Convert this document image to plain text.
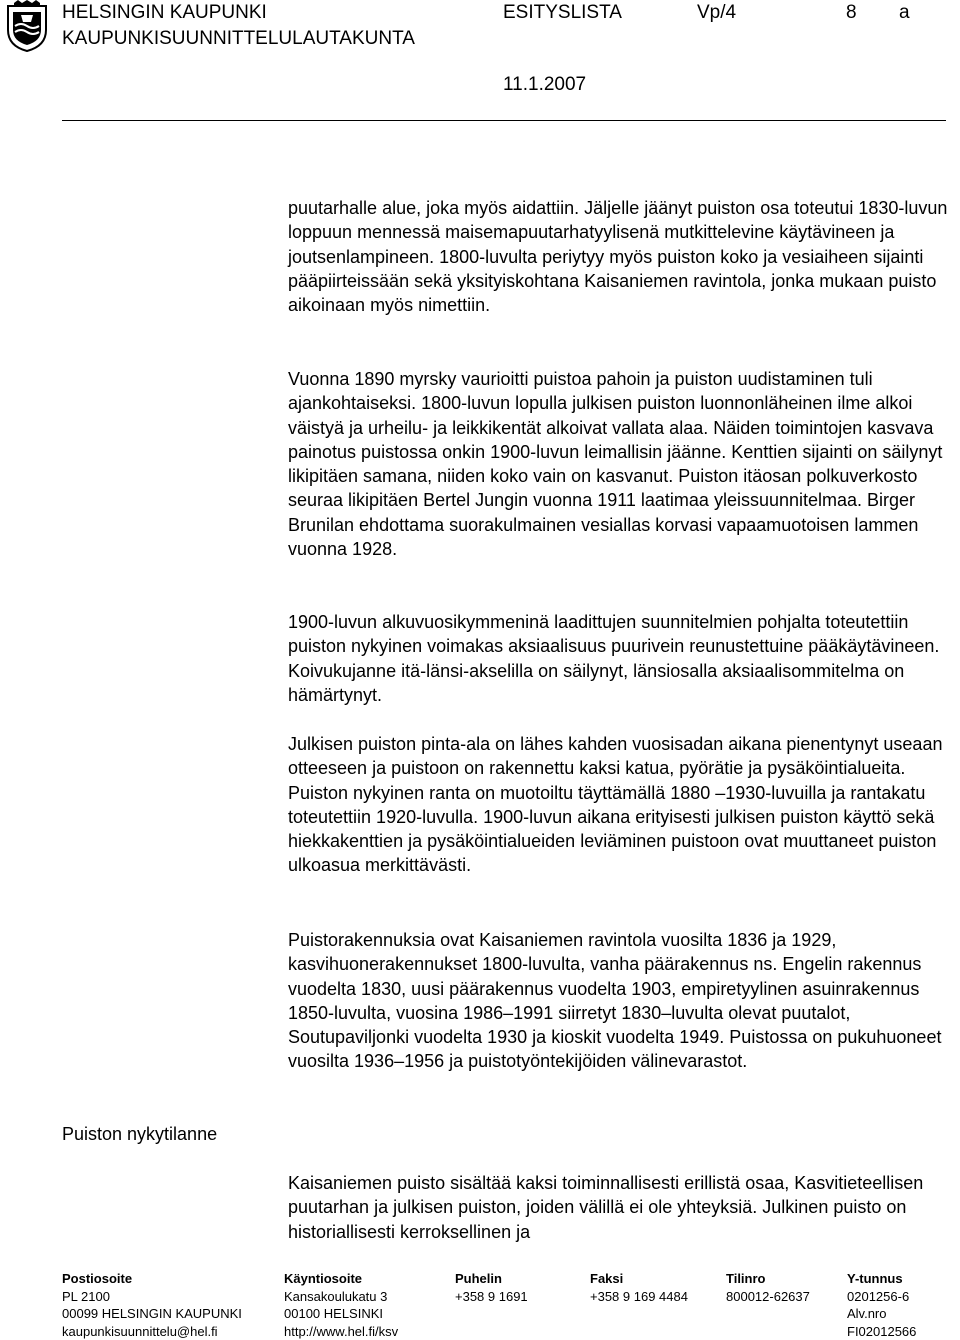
HELSINGIN KAUPUNKI
KAUPUNKISUUNNITTELULAUTAKUNTA
ESITYSLISTA	Vp/4	8 a
11.1.2007

puutarhalle alue, joka myös aidattiin. Jäljelle jäänyt puiston osa toteutui 1830-luvun loppuun mennessä maisemapuutarhatyylisenä mutkittelevine käytävineen ja joutsenlampineen. 1800-luvulta periytyy myös puiston koko ja vesiaiheen sijainti pääpiirteissään sekä yksityiskohtana Kaisaniemen ravintola, jonka mukaan puisto aikoinaan myös nimettiin.

Vuonna 1890 myrsky vaurioitti puistoa pahoin ja puiston uudistaminen tuli ajankohtaiseksi. 1800-luvun lopulla julkisen puiston luonnonläheinen ilme alkoi väistyä ja urheilu- ja leikkikentät alkoivat vallata alaa. Näiden toimintojen kasvava painotus puistossa onkin 1900-luvun leimallisin jäänne. Kenttien sijainti on säilynyt likipitäen samana, niiden koko vain on kasvanut. Puiston itäosan polkuverkosto seuraa likipitäen Bertel Jungin vuonna 1911 laatimaa yleissuunnitelmaa. Birger Brunilan ehdottama suorakulmainen vesiallas korvasi vapaamuotoisen lammen vuonna 1928.

1900-luvun alkuvuosikymmeninä laadittujen suunnitelmien pohjalta toteutettiin puiston nykyinen voimakas aksiaalisuus puurivein reunustettuine pääkäytävineen. Koivukujanne itä-länsi-akselilla on säilynyt, länsiosalla aksiaalisommitelma on hämärtynyt.

Julkisen puiston pinta-ala on lähes kahden vuosisadan aikana pienentynyt useaan otteeseen ja puistoon on rakennettu kaksi katua, pyörätie ja pysäköintialueita. Puiston nykyinen ranta on muotoiltu täyttämällä 1880 –1930-luvuilla ja rantakatu toteutettiin 1920-luvulla. 1900-luvun aikana erityisesti julkisen puiston käyttö sekä hiekkakenttien ja pysäköintialueiden leviäminen puistoon ovat muuttaneet puiston ulkoasua merkittävästi.

Puistorakennuksia ovat Kaisaniemen ravintola vuosilta 1836 ja 1929, kasvihuonerakennukset 1800-luvulta, vanha päärakennus ns. Engelin rakennus vuodelta 1830, uusi päärakennus vuodelta 1903, empiretyylinen asuinrakennus 1850-luvulta, vuosina 1986–1991 siirretyt 1830–luvulta olevat puutalot, Soutupaviljonki vuodelta 1930 ja kioskit vuodelta 1949. Puistossa on pukuhuoneet vuosilta 1936–1956 ja puistotyöntekijöiden välinevarastot.

Puiston nykytilanne

Kaisaniemen puisto sisältää kaksi toiminnallisesti erillistä osaa, Kasvitieteellisen puutarhan ja julkisen puiston, joiden välillä ei ole yhteyksiä. Julkinen puisto on historiallisesti kerroksellinen ja

Postiosoite
PL 2100
00099 HELSINGIN KAUPUNKI
kaupunkisuunnittelu@hel.fi
Käyntiosoite
Kansakoulukatu 3
00100 HELSINKI
http://www.hel.fi/ksv
Puhelin
+358 9 1691
Faksi
+358 9 169 4484
Tilinro
800012-62637
Y-tunnus
0201256-6
Alv.nro
FI02012566
